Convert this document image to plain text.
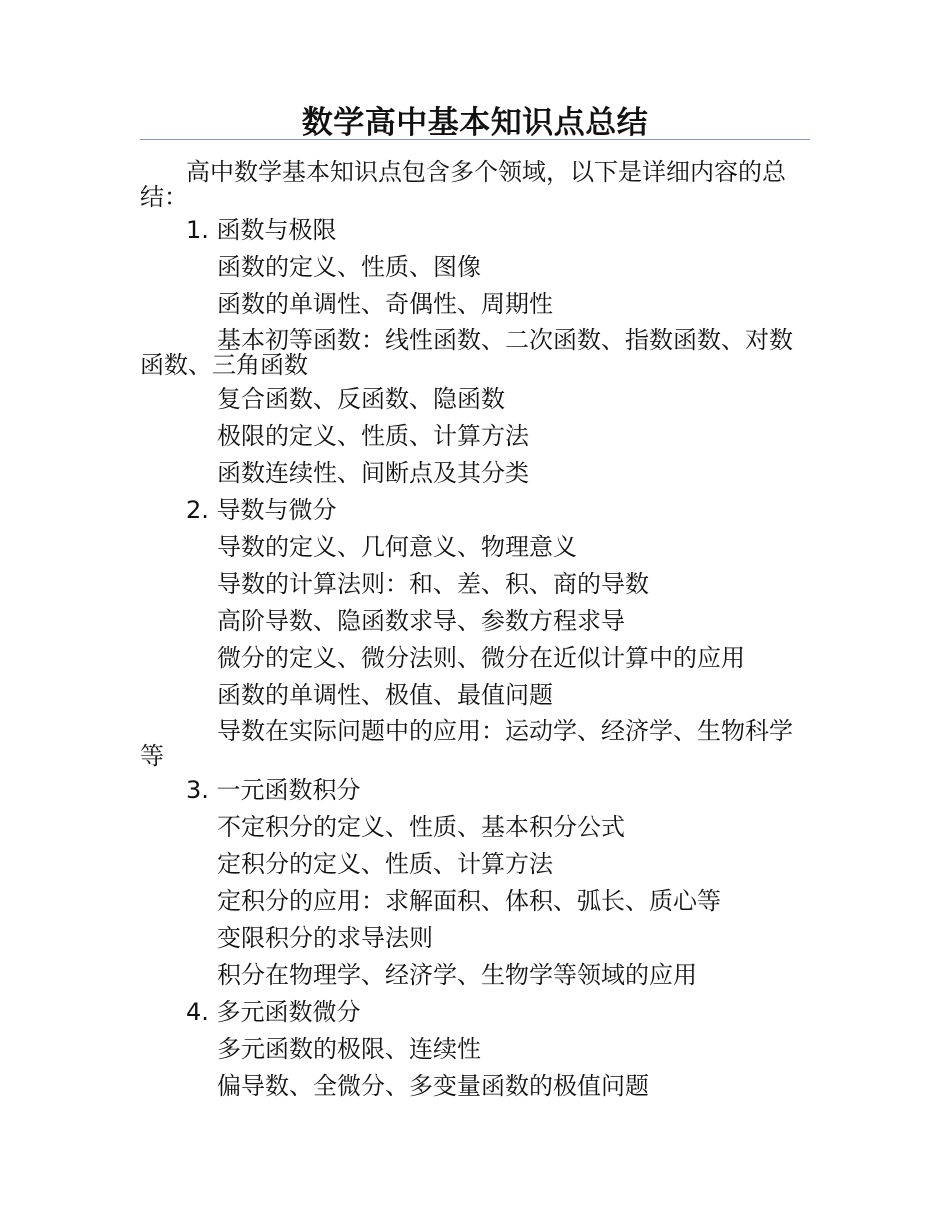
数学高中基本知识点总结

高中数学基本知识点包含多个领域，以下是详细内容的总结：

1. 函数与极限

函数的定义、性质、图像

函数的单调性、奇偶性、周期性

基本初等函数：线性函数、二次函数、指数函数、对数函数、三角函数

复合函数、反函数、隐函数

极限的定义、性质、计算方法

函数连续性、间断点及其分类

2. 导数与微分

导数的定义、几何意义、物理意义

导数的计算法则：和、差、积、商的导数

高阶导数、隐函数求导、参数方程求导

微分的定义、微分法则、微分在近似计算中的应用

函数的单调性、极值、最值问题

导数在实际问题中的应用：运动学、经济学、生物科学等

3. 一元函数积分

不定积分的定义、性质、基本积分公式

定积分的定义、性质、计算方法

定积分的应用：求解面积、体积、弧长、质心等

变限积分的求导法则

积分在物理学、经济学、生物学等领域的应用

4. 多元函数微分

多元函数的极限、连续性

偏导数、全微分、多变量函数的极值问题
